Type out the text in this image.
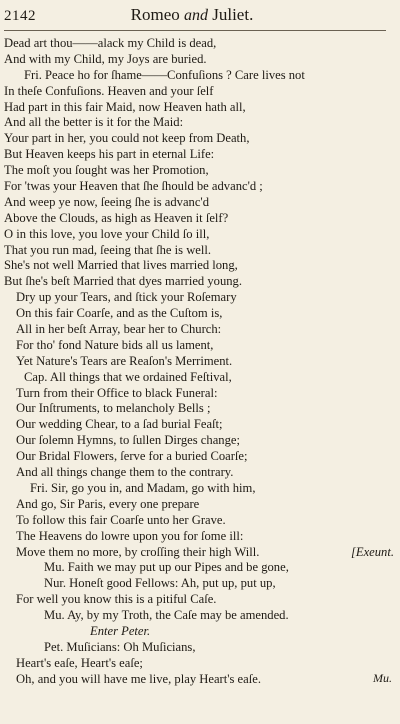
2142	Romeo and Juliet.
Dead art thou——alack my Child is dead,
And with my Child, my Joys are buried.
Fri. Peace ho for ſhame——Confuſions ? Care lives not
In theſe Confuſions. Heaven and your ſelf
Had part in this fair Maid, now Heaven hath all,
And all the better is it for the Maid:
Your part in her, you could not keep from Death,
But Heaven keeps his part in eternal Life:
The moſt you ſought was her Promotion,
For 'twas your Heaven that ſhe ſhould be advanc'd ;
And weep ye now, ſeeing ſhe is advanc'd
Above the Clouds, as high as Heaven it ſelf?
O in this love, you love your Child ſo ill,
That you run mad, ſeeing that ſhe is well.
She's not well Married that lives married long,
But ſhe's beſt Married that dyes married young.
Dry up your Tears, and ſtick your Roſemary
On this fair Coarſe, and as the Cuſtom is,
All in her beſt Array, bear her to Church:
For tho' fond Nature bids all us lament,
Yet Nature's Tears are Reaſon's Merriment.
Cap. All things that we ordained Feſtival,
Turn from their Office to black Funeral:
Our Inſtruments, to melancholy Bells ;
Our wedding Chear, to a ſad burial Feaſt;
Our ſolemn Hymns, to ſullen Dirges change;
Our Bridal Flowers, ſerve for a buried Coarſe;
And all things change them to the contrary.
Fri. Sir, go you in, and Madam, go with him,
And go, Sir Paris, every one prepare
To follow this fair Coarſe unto her Grave.
The Heavens do lowre upon you for ſome ill:
Move them no more, by croſſing their high Will.	[Exeunt.
Mu. Faith we may put up our Pipes and be gone,
Nur. Honeſt good Fellows: Ah, put up, put up,
For well you know this is a pitiful Caſe.
Mu. Ay, by my Troth, the Caſe may be amended.
Enter Peter.
Pet. Muſicians: Oh Muſicians,
Heart's eaſe, Heart's eaſe;
Oh, and you will have me live, play Heart's eaſe.	Mu.
